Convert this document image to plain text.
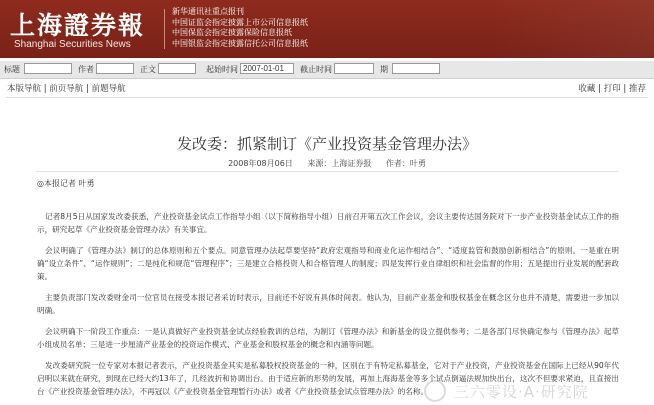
上海證券報
Shanghai Securities News
新华通讯社重点报刊
中国证监会指定披露上市公司信息报纸
中国保监会指定披露保险信息报纸
中国银监会指定披露信托公司信息报纸
标题	作者	正文	起始时间
2007-01-01	截止时间	期
本版导航 | 前页导航 | 前题导航	收藏 | 打印 | 推荐
发改委：抓紧制订《产业投资基金管理办法》
2008年08月06日 来源：上海证券报 作者：叶勇
◎本报记者 叶勇
记者8月5日从国家发改委获悉，产业投资基金试点工作指导小组（以下简称指导小组）日前召开第五次工作会议，会议主要传达国务院对下一步产业投资基金试点工作的指示，研究起草《产业投资基金管理办法》有关事宜。
会议明确了《管理办法》制订的总体原则和五个要点。同意管理办法起草要坚持“政府宏观指导和商业化运作相结合”、“适度监管和鼓励创新相结合”的原则。一是重在明确“设立条件”、“运作规则”；二是纯化和规范“管理程序”；三是建立合格投资人和合格管理人的制度；四是发挥行业自律组织和社会监督的作用；五是提出行业发展的配套政策。
主要负责部门发改委财金司一位官员在接受本报记者采访时表示，目前还不好说有具体时间表。他认为，目前产业基金和股权基金在概念区分也并不清楚，需要进一步加以明确。
会议明确下一阶段工作重点：一是认真做好产业投资基金试点经验教训的总结，为制订《管理办法》和新基金的设立提供参考；二是各部门尽快确定参与《管理办法》起草小组成员名单；三是进一步厘清产业基金的投资运作模式、产业基金和股权基金的概念和内涵等问题。
发改委研究院一位专家对本报记者表示，产业投资基金其实是私募股权投资基金的一种，区别在于有特定私募基金，它对于产业投资，产业投资基金在国际上已经从90年代启明以来就在研究，到现在已经大约13年了，几经波折和协调出台。由于适应新的形势的发展，再加上海海基金等多个试点倒逼法规加快出台，这次不但要求紧迫，且直接出台《产业投资基金管理办法》，不再冠以《产业投资基金管理暂行办法》或者《产业投资基金试点管理办法》的名称。	三六零设·A·研究院
